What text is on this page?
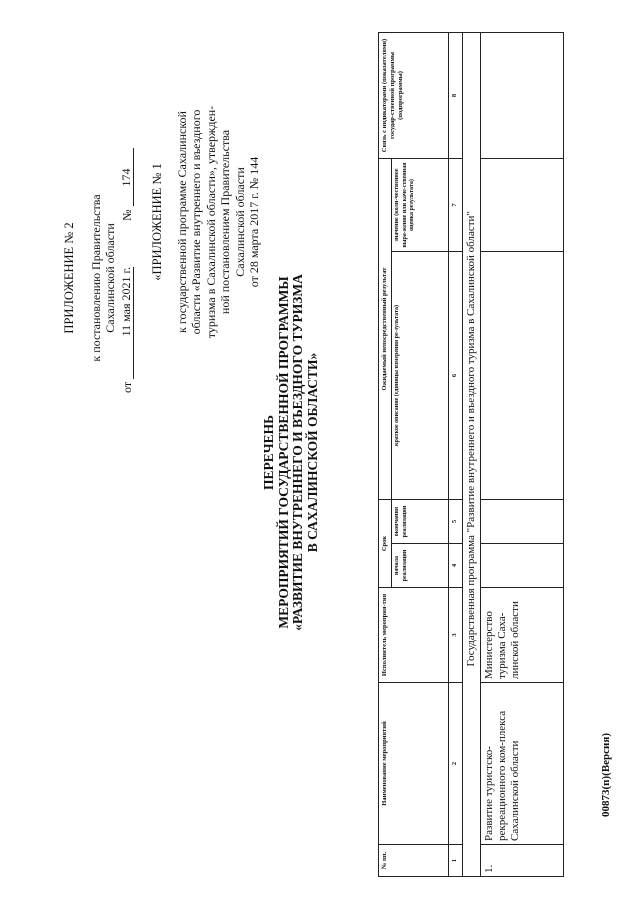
ПРИЛОЖЕНИЕ № 2 к постановлению Правительства Сахалинской области
от 11 мая 2021 г.  № 174 «ПРИЛОЖЕНИЕ № 1 к государственной программе Сахалинской области «Развитие внутреннего и въездного туризма в Сахалинской области», утвержден- ной постановлением Правительства Сахалинской области от 28 марта 2017 г. № 144
ПЕРЕЧЕНЬ МЕРОПРИЯТИЙ ГОСУДАРСТВЕННОЙ ПРОГРАММЫ «РАЗВИТИЕ ВНУТРЕННЕГО И ВЪЕЗДНОГО ТУРИЗМА В САХАЛИНСКОЙ ОБЛАСТИ»
№ пп.	Наименование мероприятий	Исполнитель мероприя-тия	Срок		Ожидаемый непосредственный результат		Связь с индикаторами (показателями) государ-ственной программы (подпрограммы)
			начала реализации	окончания реализации	краткое описание (единицы измерения ре-зультата)	значение (коли-чественное выра-жение или каче-ственная оценка результата)	
1	2	3	4	5	6	7	8
	Государственная программа "Развитие внутреннего и въездного туризма в Сахалинской области"						
1.	Развитие туристско-рекреационного ком-плекса Сахалинской области	Министерство туризма Саха-линской области					
00873(п)(Версия)
